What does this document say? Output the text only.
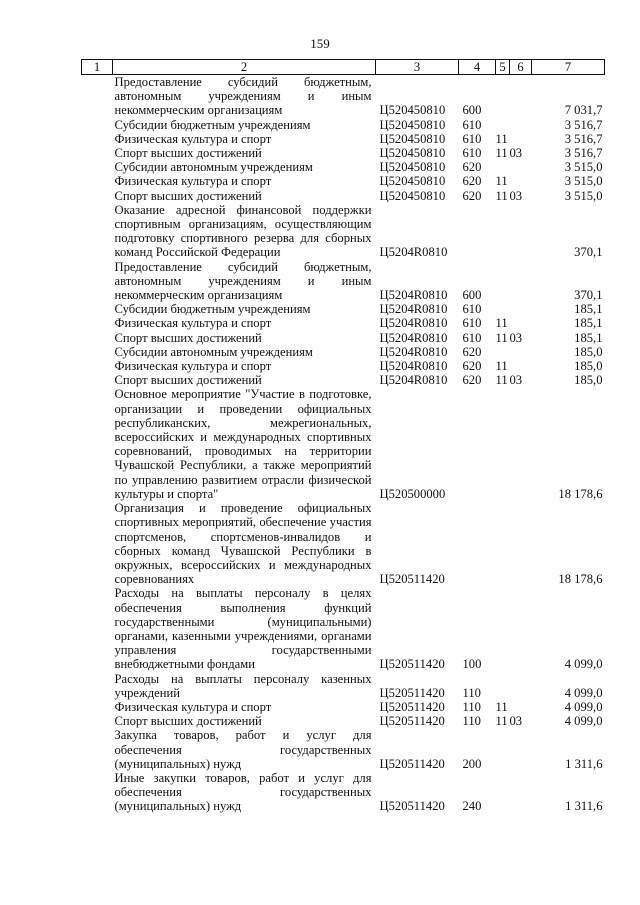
159
1	2	3	4	5	6	7
	Предоставление субсидий бюджетным, автономным учреждениям и иным некоммерческим организациям	Ц520450810	600			7 031,7
	Субсидии бюджетным учреждениям	Ц520450810	610			3 516,7
	Физическая культура и спорт	Ц520450810	610	11		3 516,7
	Спорт высших достижений	Ц520450810	610	11	03	3 516,7
	Субсидии автономным учреждениям	Ц520450810	620			3 515,0
	Физическая культура и спорт	Ц520450810	620	11		3 515,0
	Спорт высших достижений	Ц520450810	620	11	03	3 515,0
	Оказание адресной финансовой поддержки спортивным организациям, осуществляющим подготовку спортивного резерва для сборных команд Российской Федерации	Ц5204R0810				370,1
	Предоставление субсидий бюджетным, автономным учреждениям и иным некоммерческим организациям	Ц5204R0810	600			370,1
	Субсидии бюджетным учреждениям	Ц5204R0810	610			185,1
	Физическая культура и спорт	Ц5204R0810	610	11		185,1
	Спорт высших достижений	Ц5204R0810	610	11	03	185,1
	Субсидии автономным учреждениям	Ц5204R0810	620			185,0
	Физическая культура и спорт	Ц5204R0810	620	11		185,0
	Спорт высших достижений	Ц5204R0810	620	11	03	185,0
	Основное мероприятие "Участие в подготовке, организации и проведении официальных республиканских, межрегиональных, всероссийских и международных спортивных соревнований, проводимых на территории Чувашской Республики, а также мероприятий по управлению развитием отрасли физической культуры и спорта"	Ц520500000				18 178,6
	Организация и проведение официальных спортивных мероприятий, обеспечение участия спортсменов, спортсменов-инвалидов и сборных команд Чувашской Республики в окружных, всероссийских и международных соревнованиях	Ц520511420				18 178,6
	Расходы на выплаты персоналу в целях обеспечения выполнения функций государственными (муниципальными) органами, казенными учреждениями, органами управления государственными внебюджетными фондами	Ц520511420	100			4 099,0
	Расходы на выплаты персоналу казенных учреждений	Ц520511420	110			4 099,0
	Физическая культура и спорт	Ц520511420	110	11		4 099,0
	Спорт высших достижений	Ц520511420	110	11	03	4 099,0
	Закупка товаров, работ и услуг для обеспечения государственных (муниципальных) нужд	Ц520511420	200			1 311,6
	Иные закупки товаров, работ и услуг для обеспечения государственных (муниципальных) нужд	Ц520511420	240			1 311,6
